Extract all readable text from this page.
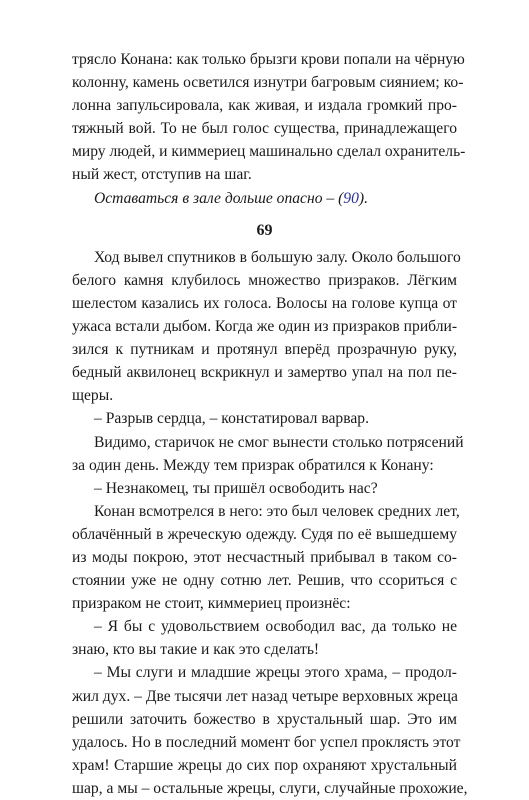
трясло Конана: как только брызги крови попали на чёрную
колонну, камень осветился изнутри багровым сиянием; ко-
лонна запульсировала, как живая, и издала громкий про-
тяжный вой. То не был голос существа, принадлежащего
миру людей, и киммериец машинально сделал охранитель-
ный жест, отступив на шаг.
Оставаться в зале дольше опасно – (90).
69
Ход вывел спутников в большую залу. Около большого
белого камня клубилось множество призраков. Лёгким
шелестом казались их голоса. Волосы на голове купца от
ужаса встали дыбом. Когда же один из призраков прибли-
зился к путникам и протянул вперёд прозрачную руку,
бедный аквилонец вскрикнул и замертво упал на пол пе-
щеры.
– Разрыв сердца, – констатировал варвар.
Видимо, старичок не смог вынести столько потрясений
за один день. Между тем призрак обратился к Конану:
– Незнакомец, ты пришёл освободить нас?
Конан всмотрелся в него: это был человек средних лет,
облачённый в жреческую одежду. Судя по её вышедшему
из моды покрою, этот несчастный прибывал в таком со-
стоянии уже не одну сотню лет. Решив, что ссориться с
призраком не стоит, киммериец произнёс:
– Я бы с удовольствием освободил вас, да только не
знаю, кто вы такие и как это сделать!
– Мы слуги и младшие жрецы этого храма, – продол-
жил дух. – Две тысячи лет назад четыре верховных жреца
решили заточить божество в хрустальный шар. Это им
удалось. Но в последний момент бог успел проклясть этот
храм! Старшие жрецы до сих пор охраняют хрустальный
шар, а мы – остальные жрецы, слуги, случайные прохожие,
